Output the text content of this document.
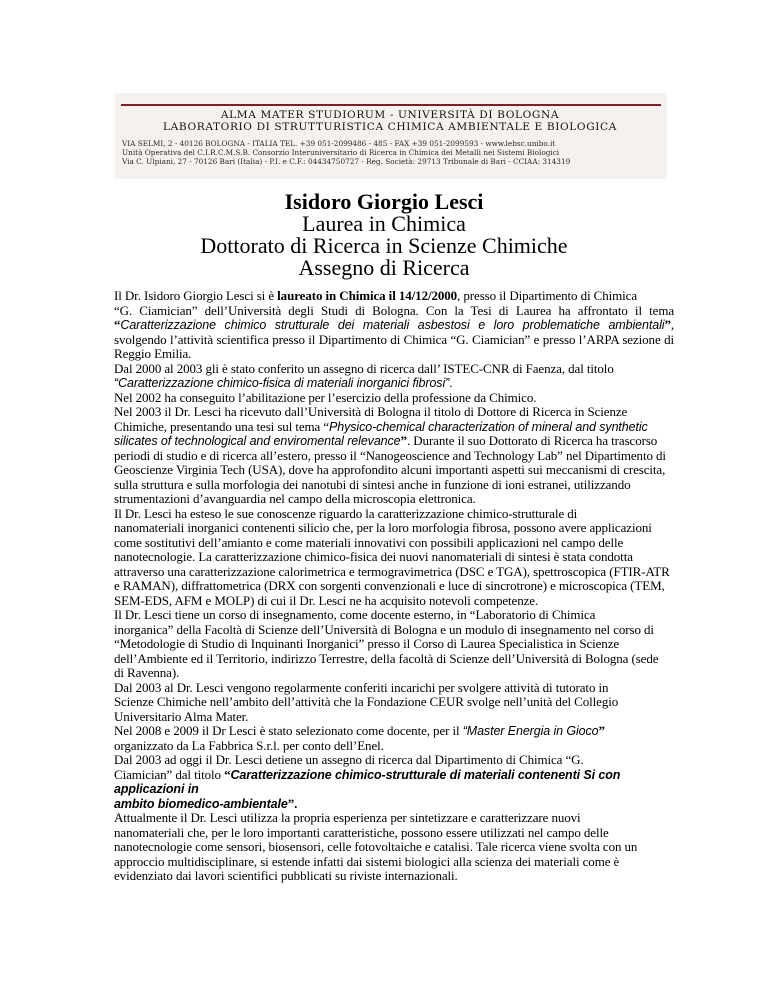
ALMA MATER STUDIORUM - UNIVERSITÀ DI BOLOGNA
LABORATORIO DI STRUTTURISTICA CHIMICA AMBIENTALE E BIOLOGICA
VIA SELMI, 2 - 40126 BOLOGNA - ITALIA TEL. +39 051-2099486 - 485 - FAX +39 051-2099593 - www.lebsc.unibo.it
Unità Operativa del C.I.R.C.M.S.B. Consorzio Interuniversitario di Ricerca in Chimica dei Metalli nei Sistemi Biologici
Via C. Ulpiani, 27 - 70126 Bari (Italia) - P.I. e C.F.: 04434750727 - Reg. Società: 29713 Tribunale di Bari - CCIAA: 314319
Isidoro Giorgio Lesci
Laurea in Chimica
Dottorato di Ricerca in Scienze Chimiche
Assegno di Ricerca

Il Dr. Isidoro Giorgio Lesci si è laureato in Chimica il 14/12/2000, presso il Dipartimento di Chimica

“G. Ciamician” dell’Università degli Studi di Bologna. Con la Tesi di Laurea ha affrontato il tema “Caratterizzazione chimico strutturale dei materiali asbestosi e loro problematiche ambientali”, svolgendo l’attività scientifica presso il Dipartimento di Chimica “G. Ciamician” e presso l’ARPA sezione di Reggio Emilia.

Dal 2000 al 2003 gli è stato conferito un assegno di ricerca dall’ ISTEC-CNR di Faenza, dal titolo
“Caratterizzazione chimico-fisica di materiali inorganici fibrosi”.

Nel 2002 ha conseguito l’abilitazione per l’esercizio della professione da Chimico.

Nel 2003 il Dr. Lesci ha ricevuto dall’Università di Bologna il titolo di Dottore di Ricerca in Scienze
Chimiche, presentando una tesi sul tema “Physico-chemical characterization of mineral and synthetic
silicates of technological and enviromental relevance”. Durante il suo Dottorato di Ricerca ha trascorso
periodi di studio e di ricerca all’estero, presso il “Nanogeoscience and Technology Lab” nel Dipartimento di
Geoscienze Virginia Tech (USA), dove ha approfondito alcuni importanti aspetti sui meccanismi di crescita,
sulla struttura e sulla morfologia dei nanotubi di sintesi anche in funzione di ioni estranei, utilizzando
strumentazioni d’avanguardia nel campo della microscopia elettronica.

Il Dr. Lesci ha esteso le sue conoscenze riguardo la caratterizzazione chimico-strutturale di
nanomateriali inorganici contenenti silicio che, per la loro morfologia fibrosa, possono avere applicazioni
come sostitutivi dell’amianto e come materiali innovativi con possibili applicazioni nel campo delle
nanotecnologie. La caratterizzazione chimico-fisica dei nuovi nanomateriali di sintesi è stata condotta
attraverso una caratterizzazione calorimetrica e termogravimetrica (DSC e TGA), spettroscopica (FTIR-ATR
e RAMAN), diffrattometrica (DRX con sorgenti convenzionali e luce di sincrotrone) e microscopica (TEM,
SEM-EDS, AFM e MOLP) di cui il Dr. Lesci ne ha acquisito notevoli competenze.

Il Dr. Lesci tiene un corso di insegnamento, come docente esterno, in “Laboratorio di Chimica
inorganica” della Facoltà di Scienze dell’Università di Bologna e un modulo di insegnamento nel corso di
“Metodologie di Studio di Inquinanti Inorganici” presso il Corso di Laurea Specialistica in Scienze
dell’Ambiente ed il Territorio, indirizzo Terrestre, della facoltà di Scienze dell’Università di Bologna (sede
di Ravenna).

Dal 2003 al Dr. Lesci vengono regolarmente conferiti incarichi per svolgere attività di tutorato in
Scienze Chimiche nell’ambito dell’attività che la Fondazione CEUR svolge nell’unità del Collegio
Universitario Alma Mater.

Nel 2008 e 2009 il Dr Lesci è stato selezionato come docente, per il “Master Energia in Gioco”
organizzato da La Fabbrica S.r.l. per conto dell’Enel.

Dal 2003 ad oggi il Dr. Lesci detiene un assegno di ricerca dal Dipartimento di Chimica “G.
Ciamician” dal titolo “Caratterizzazione chimico-strutturale di materiali contenenti Si con applicazioni in
ambito biomedico-ambientale”.

Attualmente il Dr. Lesci utilizza la propria esperienza per sintetizzare e caratterizzare nuovi
nanomateriali che, per le loro importanti caratteristiche, possono essere utilizzati nel campo delle
nanotecnologie come sensori, biosensori, celle fotovoltaiche e catalisi. Tale ricerca viene svolta con un
approccio multidisciplinare, si estende infatti dai sistemi biologici alla scienza dei materiali come è
evidenziato dai lavori scientifici pubblicati su riviste internazionali.
